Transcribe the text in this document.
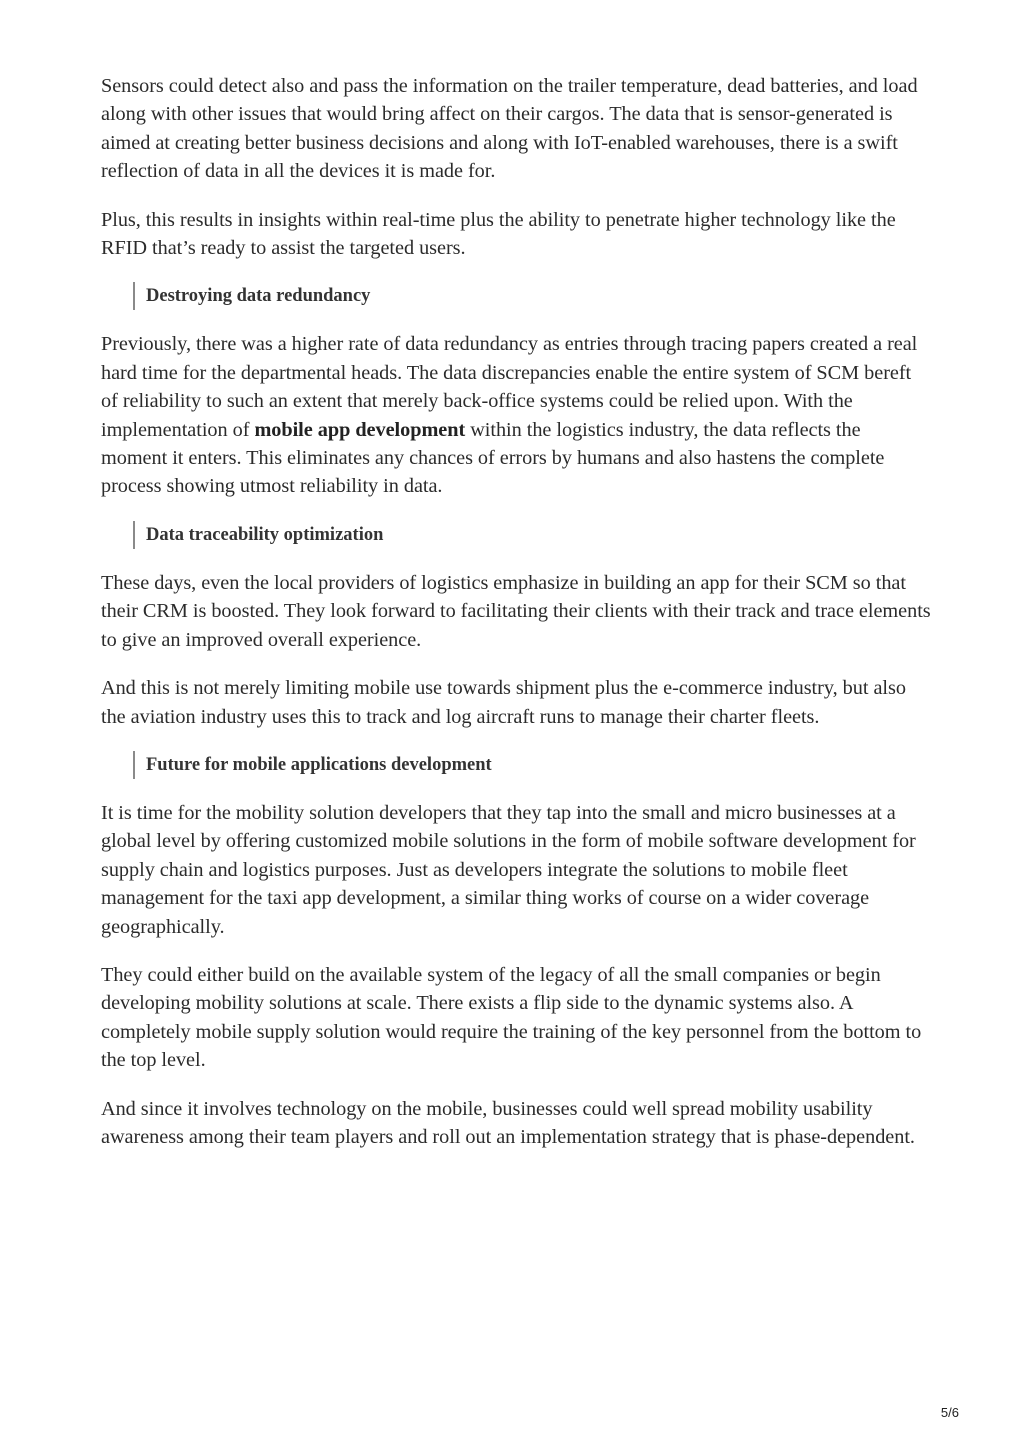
Sensors could detect also and pass the information on the trailer temperature, dead batteries, and load along with other issues that would bring affect on their cargos. The data that is sensor-generated is aimed at creating better business decisions and along with IoT-enabled warehouses, there is a swift reflection of data in all the devices it is made for.

Plus, this results in insights within real-time plus the ability to penetrate higher technology like the RFID that’s ready to assist the targeted users.

Destroying data redundancy

Previously, there was a higher rate of data redundancy as entries through tracing papers created a real hard time for the departmental heads. The data discrepancies enable the entire system of SCM bereft of reliability to such an extent that merely back-office systems could be relied upon. With the implementation of mobile app development within the logistics industry, the data reflects the moment it enters. This eliminates any chances of errors by humans and also hastens the complete process showing utmost reliability in data.

Data traceability optimization

These days, even the local providers of logistics emphasize in building an app for their SCM so that their CRM is boosted. They look forward to facilitating their clients with their track and trace elements to give an improved overall experience.

And this is not merely limiting mobile use towards shipment plus the e-commerce industry, but also the aviation industry uses this to track and log aircraft runs to manage their charter fleets.

Future for mobile applications development

It is time for the mobility solution developers that they tap into the small and micro businesses at a global level by offering customized mobile solutions in the form of mobile software development for supply chain and logistics purposes. Just as developers integrate the solutions to mobile fleet management for the taxi app development, a similar thing works of course on a wider coverage geographically.

They could either build on the available system of the legacy of all the small companies or begin developing mobility solutions at scale. There exists a flip side to the dynamic systems also. A completely mobile supply solution would require the training of the key personnel from the bottom to the top level.

And since it involves technology on the mobile, businesses could well spread mobility usability awareness among their team players and roll out an implementation strategy that is phase-dependent.

5/6
